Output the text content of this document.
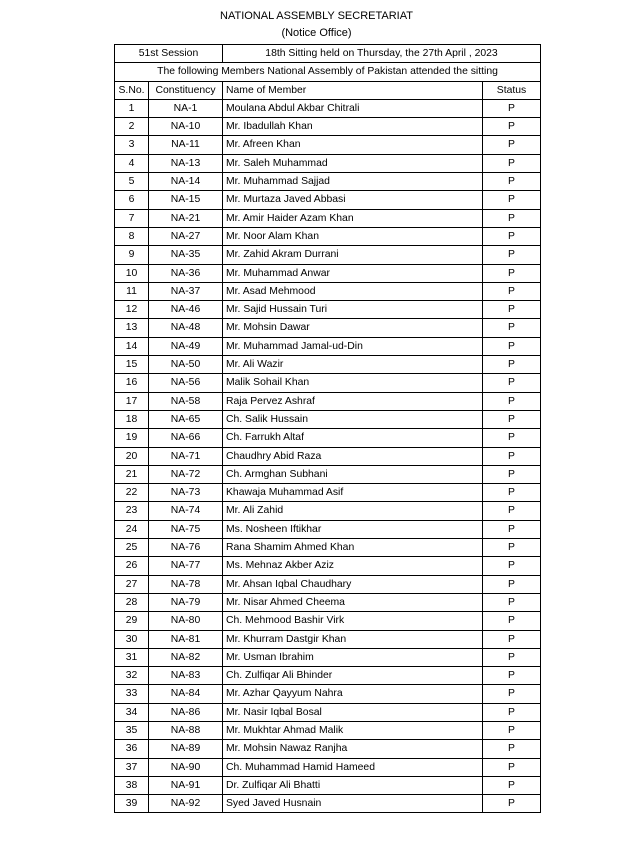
NATIONAL ASSEMBLY SECRETARIAT
(Notice Office)
51st Session		18th Sitting held on Thursday, the 27th April , 2023	
The following Members National Assembly of Pakistan attended the sitting			
S.No.	Constituency	Name of Member	Status
1	NA-1	Moulana Abdul Akbar Chitrali	P
2	NA-10	Mr. Ibadullah Khan	P
3	NA-11	Mr. Afreen Khan	P
4	NA-13	Mr. Saleh Muhammad	P
5	NA-14	Mr. Muhammad Sajjad	P
6	NA-15	Mr. Murtaza Javed Abbasi	P
7	NA-21	Mr. Amir Haider Azam Khan	P
8	NA-27	Mr. Noor Alam Khan	P
9	NA-35	Mr. Zahid Akram Durrani	P
10	NA-36	Mr. Muhammad Anwar	P
11	NA-37	Mr. Asad Mehmood	P
12	NA-46	Mr. Sajid Hussain Turi	P
13	NA-48	Mr. Mohsin Dawar	P
14	NA-49	Mr. Muhammad Jamal-ud-Din	P
15	NA-50	Mr. Ali Wazir	P
16	NA-56	Malik Sohail Khan	P
17	NA-58	Raja Pervez Ashraf	P
18	NA-65	Ch. Salik Hussain	P
19	NA-66	Ch. Farrukh Altaf	P
20	NA-71	Chaudhry Abid Raza	P
21	NA-72	Ch. Armghan Subhani	P
22	NA-73	Khawaja Muhammad Asif	P
23	NA-74	Mr. Ali Zahid	P
24	NA-75	Ms. Nosheen Iftikhar	P
25	NA-76	Rana Shamim Ahmed Khan	P
26	NA-77	Ms. Mehnaz Akber Aziz	P
27	NA-78	Mr. Ahsan Iqbal Chaudhary	P
28	NA-79	Mr. Nisar Ahmed Cheema	P
29	NA-80	Ch. Mehmood Bashir Virk	P
30	NA-81	Mr. Khurram Dastgir Khan	P
31	NA-82	Mr. Usman Ibrahim	P
32	NA-83	Ch. Zulfiqar Ali Bhinder	P
33	NA-84	Mr. Azhar Qayyum Nahra	P
34	NA-86	Mr. Nasir Iqbal Bosal	P
35	NA-88	Mr. Mukhtar Ahmad Malik	P
36	NA-89	Mr. Mohsin Nawaz Ranjha	P
37	NA-90	Ch. Muhammad Hamid Hameed	P
38	NA-91	Dr. Zulfiqar Ali Bhatti	P
39	NA-92	Syed Javed Husnain	P
